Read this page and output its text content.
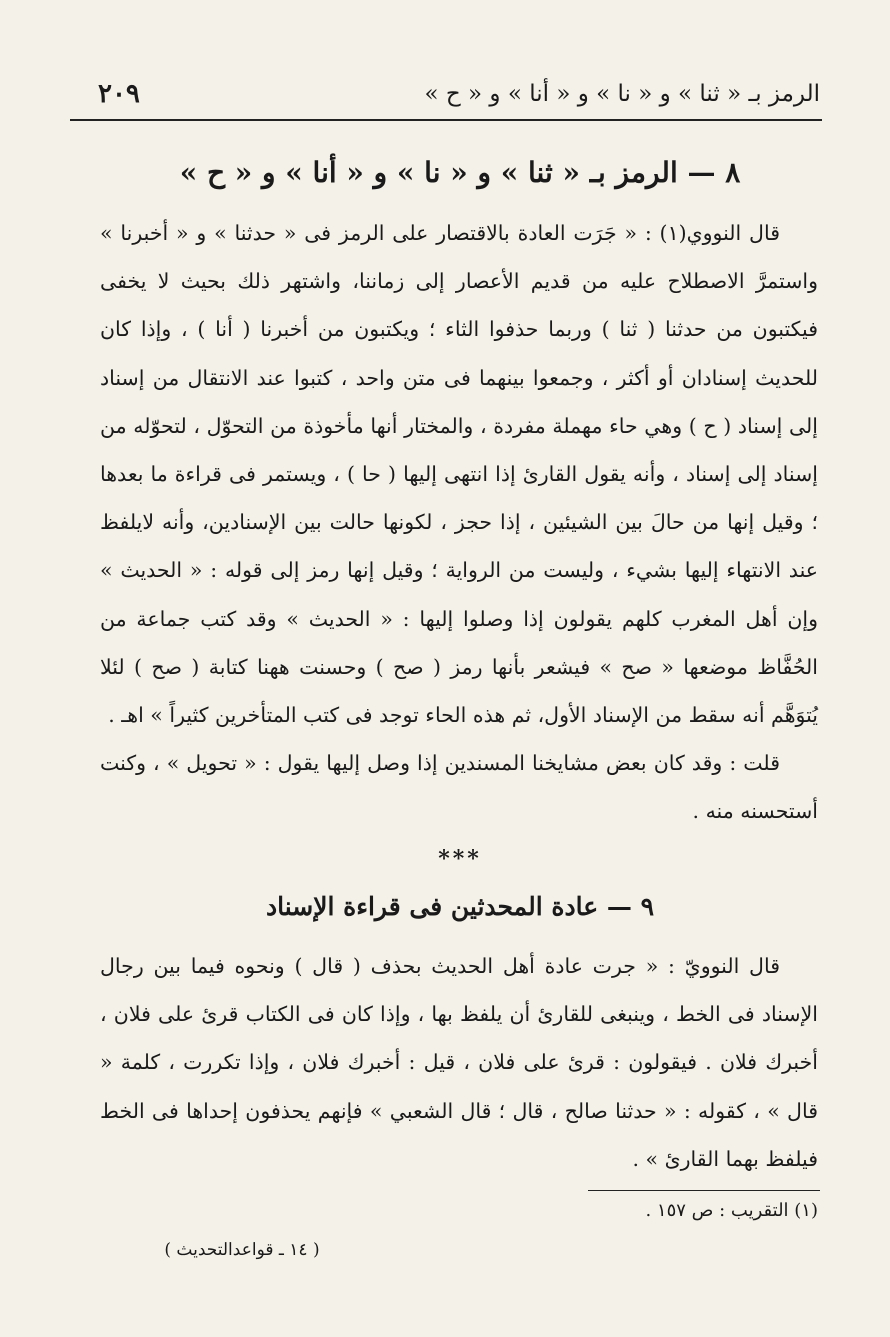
الرمز بـ « ثنا » و « نا » و « أنا » و « ح »
٢٠٩
٨ — الرمز بـ « ثنا » و « نا » و « أنا » و « ح »

قال النووي(١) : « جَرَت العادة بالاقتصار على الرمز فى « حدثنا » و « أخبرنا » واستمرَّ الاصطلاح عليه من قديم الأعصار إلى زماننا، واشتهر ذلك بحيث لا يخفى فيكتبون من حدثنا ( ثنا ) وربما حذفوا الثاء ؛ ويكتبون من أخبرنا ( أنا ) ، وإذا كان للحديث إسنادان أو أكثر ، وجمعوا بينهما فى متن واحد ، كتبوا عند الانتقال من إسناد إلى إسناد ( ح ) وهي حاء مهملة مفردة ، والمختار أنها مأخوذة من التحوّل ، لتحوّله من إسناد إلى إسناد ، وأنه يقول القارئ إذا انتهى إليها ( حا ) ، ويستمر فى قراءة ما بعدها ؛ وقيل إنها من حالَ بين الشيئين ، إذا حجز ، لكونها حالت بين الإسنادين، وأنه لايلفظ عند الانتهاء إليها بشيء ، وليست من الرواية ؛ وقيل إنها رمز إلى قوله : « الحديث » وإن أهل المغرب كلهم يقولون إذا وصلوا إليها : « الحديث » وقد كتب جماعة من الحُفَّاظ موضعها « صح » فيشعر بأنها رمز ( صح ) وحسنت ههنا كتابة ( صح ) لئلا يُتوَهَّم أنه سقط من الإسناد الأول، ثم هذه الحاء توجد فى كتب المتأخرين كثيراً » اهـ .

قلت : وقد كان بعض مشايخنا المسندين إذا وصل إليها يقول : « تحويل » ، وكنت أستحسنه منه .

***
٩ — عادة المحدثين فى قراءة الإسناد

قال النوويّ : « جرت عادة أهل الحديث بحذف ( قال ) ونحوه فيما بين رجال الإسناد فى الخط ، وينبغى للقارئ أن يلفظ بها ، وإذا كان فى الكتاب قرئ على فلان ، أخبرك فلان . فيقولون : قرئ على فلان ، قيل : أخبرك فلان ، وإذا تكررت ، كلمة « قال » ، كقوله : « حدثنا صالح ، قال ؛ قال الشعبي » فإنهم يحذفون إحداها فى الخط فيلفظ بهما القارئ » .

(١) التقريب : ص ١٥٧ .
( ١٤ ـ قواعدالتحديث )
